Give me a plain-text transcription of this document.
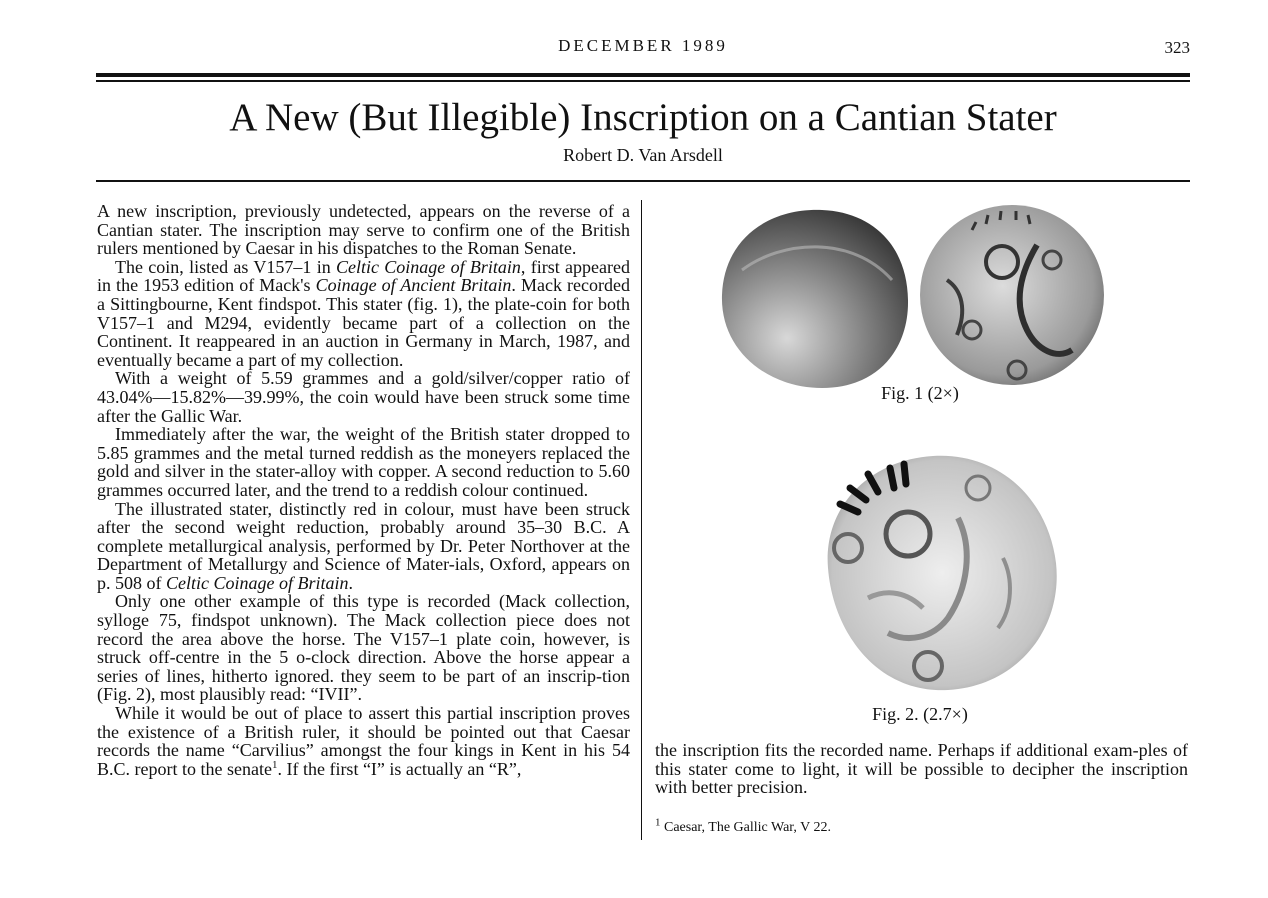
DECEMBER 1989	323
A New (But Illegible) Inscription on a Cantian Stater
Robert D. Van Arsdell

A new inscription, previously undetected, appears on the reverse of a Cantian stater. The inscription may serve to confirm one of the British rulers mentioned by Caesar in his dispatches to the Roman Senate.

The coin, listed as V157–1 in Celtic Coinage of Britain, first appeared in the 1953 edition of Mack's Coinage of Ancient Britain. Mack recorded a Sittingbourne, Kent findspot. This stater (fig. 1), the plate-coin for both V157–1 and M294, evidently became part of a collection on the Continent. It reappeared in an auction in Germany in March, 1987, and eventually became a part of my collection.

With a weight of 5.59 grammes and a gold/silver/copper ratio of 43.04%—15.82%—39.99%, the coin would have been struck some time after the Gallic War.

Immediately after the war, the weight of the British stater dropped to 5.85 grammes and the metal turned reddish as the moneyers replaced the gold and silver in the stater-alloy with copper. A second reduction to 5.60 grammes occurred later, and the trend to a reddish colour continued.

The illustrated stater, distinctly red in colour, must have been struck after the second weight reduction, probably around 35–30 B.C. A complete metallurgical analysis, performed by Dr. Peter Northover at the Department of Metallurgy and Science of Mater-ials, Oxford, appears on p. 508 of Celtic Coinage of Britain.

Only one other example of this type is recorded (Mack collection, sylloge 75, findspot unknown). The Mack collection piece does not record the area above the horse. The V157–1 plate coin, however, is struck off-centre in the 5 o-clock direction. Above the horse appear a series of lines, hitherto ignored. they seem to be part of an inscrip-tion (Fig. 2), most plausibly read: “IVII”.

While it would be out of place to assert this partial inscription proves the existence of a British ruler, it should be pointed out that Caesar records the name “Carvilius” amongst the four kings in Kent in his 54 B.C. report to the senate$^1$. If the first “I” is actually an “R”,

Fig. 1 (2×)
Fig. 2. (2.7×)

the inscription fits the recorded name. Perhaps if additional exam-ples of this stater come to light, it will be possible to decipher the inscription with better precision.

$^1$ Caesar, The Gallic War, V 22.
